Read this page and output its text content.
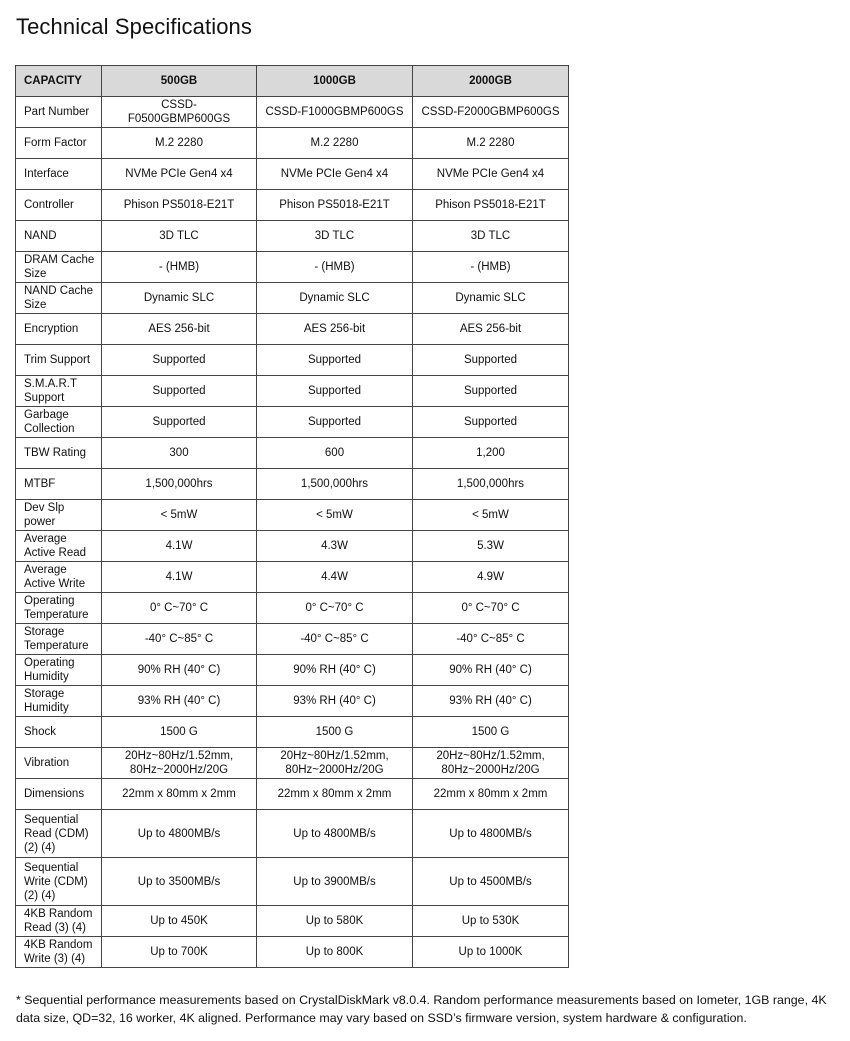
Technical Specifications
CAPACITY	500GB	1000GB	2000GB
Part Number	CSSD-F0500GBMP600GS	CSSD-F1000GBMP600GS	CSSD-F2000GBMP600GS
Form Factor	M.2 2280	M.2 2280	M.2 2280
Interface	NVMe PCIe Gen4 x4	NVMe PCIe Gen4 x4	NVMe PCIe Gen4 x4
Controller	Phison PS5018-E21T	Phison PS5018-E21T	Phison PS5018-E21T
NAND	3D TLC	3D TLC	3D TLC
DRAM Cache Size	- (HMB)	- (HMB)	- (HMB)
NAND Cache Size	Dynamic SLC	Dynamic SLC	Dynamic SLC
Encryption	AES 256-bit	AES 256-bit	AES 256-bit
Trim Support	Supported	Supported	Supported
S.M.A.R.T Support	Supported	Supported	Supported
Garbage Collection	Supported	Supported	Supported
TBW Rating	300	600	1,200
MTBF	1,500,000hrs	1,500,000hrs	1,500,000hrs
Dev Slp power	< 5mW	< 5mW	< 5mW
Average Active Read	4.1W	4.3W	5.3W
Average Active Write	4.1W	4.4W	4.9W
Operating Temperature	0° C~70° C	0° C~70° C	0° C~70° C
Storage Temperature	-40° C~85° C	-40° C~85° C	-40° C~85° C
Operating Humidity	90% RH (40° C)	90% RH (40° C)	90% RH (40° C)
Storage Humidity	93% RH (40° C)	93% RH (40° C)	93% RH (40° C)
Shock	1500 G	1500 G	1500 G
Vibration	20Hz~80Hz/1.52mm, 80Hz~2000Hz/20G	20Hz~80Hz/1.52mm, 80Hz~2000Hz/20G	20Hz~80Hz/1.52mm, 80Hz~2000Hz/20G
Dimensions	22mm x 80mm x 2mm	22mm x 80mm x 2mm	22mm x 80mm x 2mm
Sequential Read (CDM) (2) (4)	Up to 4800MB/s	Up to 4800MB/s	Up to 4800MB/s
Sequential Write (CDM) (2) (4)	Up to 3500MB/s	Up to 3900MB/s	Up to 4500MB/s
4KB Random Read (3) (4)	Up to 450K	Up to 580K	Up to 530K
4KB Random Write (3) (4)	Up to 700K	Up to 800K	Up to 1000K

* Sequential performance measurements based on CrystalDiskMark v8.0.4. Random performance measurements based on Iometer, 1GB range, 4K data size, QD=32, 16 worker, 4K aligned. Performance may vary based on SSD’s firmware version, system hardware & configuration.
